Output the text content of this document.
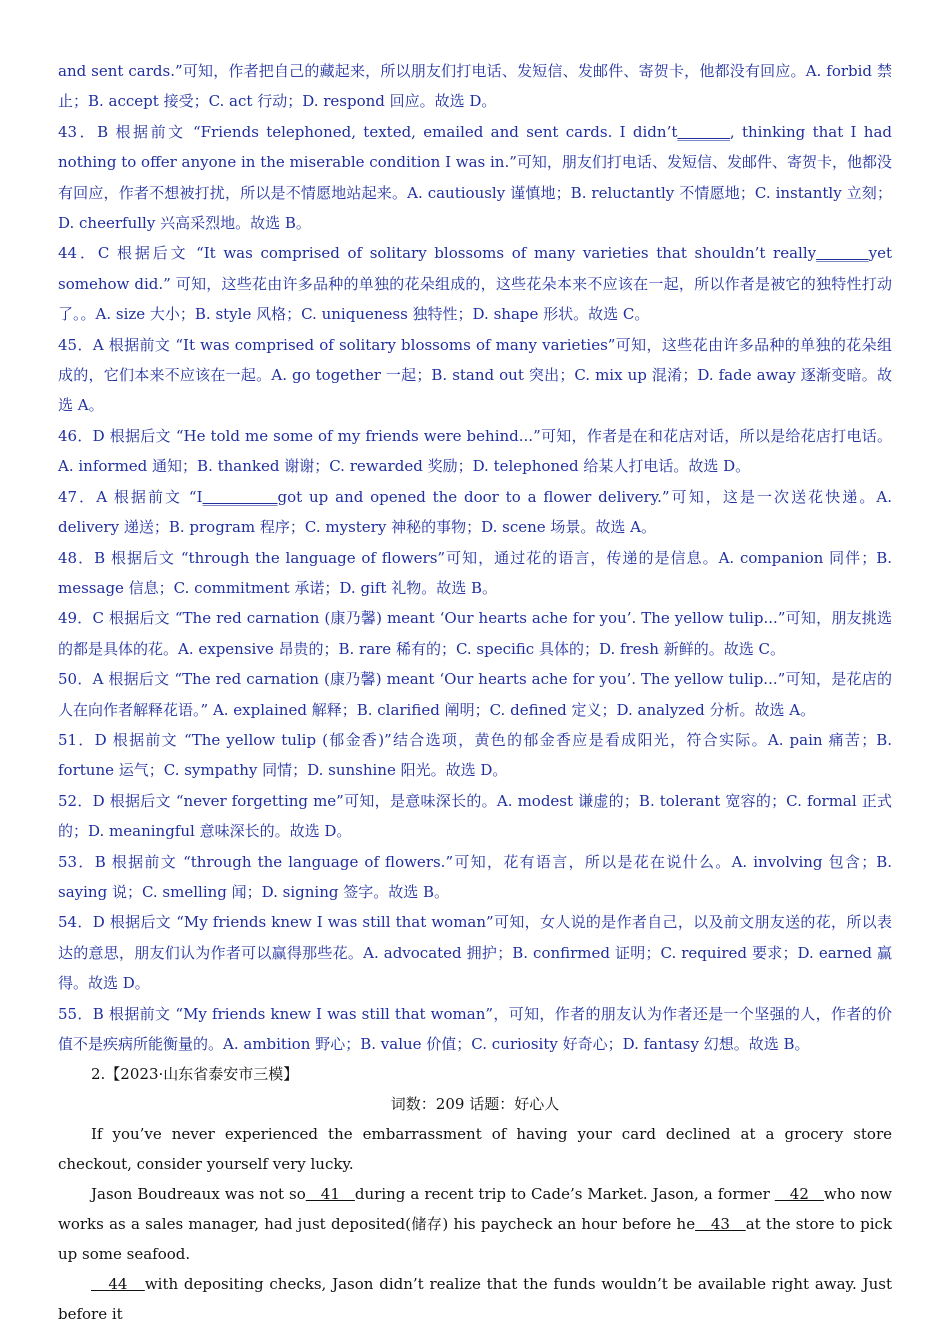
and sent cards.”可知，作者把自己的藏起来，所以朋友们打电话、发短信、发邮件、寄贺卡，他都没有回应。A. forbid 禁止；B. accept 接受；C. act 行动；D. respond 回应。故选 D。

43．B 根据前文 “Friends telephoned, texted, emailed and sent cards. I didn’t_______, thinking that I had nothing to offer anyone in the miserable condition I was in.”可知，朋友们打电话、发短信、发邮件、寄贺卡，他都没有回应，作者不想被打扰，所以是不情愿地站起来。A. cautiously 谨慎地；B. reluctantly 不情愿地；C. instantly 立刻；D. cheerfully 兴高采烈地。故选 B。

44．C 根据后文 “It was comprised of solitary blossoms of many varieties that shouldn’t really_______yet somehow did.” 可知，这些花由许多品种的单独的花朵组成的，这些花朵本来不应该在一起，所以作者是被它的独特性打动了。。A. size 大小；B. style 风格；C. uniqueness 独特性；D. shape 形状。故选 C。

45．A 根据前文 “It was comprised of solitary blossoms of many varieties”可知，这些花由许多品种的单独的花朵组成的，它们本来不应该在一起。A. go together 一起；B. stand out 突出；C. mix up 混淆；D. fade away 逐渐变暗。故选 A。

46．D 根据后文 “He told me some of my friends were behind...”可知，作者是在和花店对话，所以是给花店打电话。A. informed 通知；B. thanked 谢谢；C. rewarded 奖励；D. telephoned 给某人打电话。故选 D。

47．A 根据前文 “I__________got up and opened the door to a flower delivery.”可知，这是一次送花快递。A. delivery 递送；B. program 程序；C. mystery 神秘的事物；D. scene 场景。故选 A。

48．B 根据后文 “through the language of flowers”可知，通过花的语言，传递的是信息。A. companion 同伴；B. message 信息；C. commitment 承诺；D. gift 礼物。故选 B。

49．C 根据后文 “The red carnation (康乃馨) meant ‘Our hearts ache for you’. The yellow tulip...”可知，朋友挑选的都是具体的花。A. expensive 昂贵的；B. rare 稀有的；C. specific 具体的；D. fresh 新鲜的。故选 C。

50．A 根据后文 “The red carnation (康乃馨) meant ‘Our hearts ache for you’. The yellow tulip...”可知，是花店的人在向作者解释花语。” A. explained 解释；B. clarified 阐明；C. defined 定义；D. analyzed 分析。故选 A。

51．D 根据前文 “The yellow tulip (郁金香)”结合选项，黄色的郁金香应是看成阳光，符合实际。A. pain 痛苦；B. fortune 运气；C. sympathy 同情；D. sunshine 阳光。故选 D。

52．D 根据后文 “never forgetting me”可知，是意味深长的。A. modest 谦虚的；B. tolerant 宽容的；C. formal 正式的；D. meaningful 意味深长的。故选 D。

53．B 根据前文 “through the language of flowers.”可知，花有语言，所以是花在说什么。A. involving 包含；B. saying 说；C. smelling 闻；D. signing 签字。故选 B。

54．D 根据后文 “My friends knew I was still that woman”可知，女人说的是作者自己，以及前文朋友送的花，所以表达的意思，朋友们认为作者可以赢得那些花。A. advocated 拥护；B. confirmed 证明；C. required 要求；D. earned 赢得。故选 D。

55．B 根据前文 “My friends knew I was still that woman”，可知，作者的朋友认为作者还是一个坚强的人，作者的价值不是疾病所能衡量的。A. ambition 野心；B. value 价值；C. curiosity 好奇心；D. fantasy 幻想。故选 B。

2.【2023·山东省泰安市三模】

词数：209 话题：好心人

If you’ve never experienced the embarrassment of having your card declined at a grocery store checkout, consider yourself very lucky.

Jason Boudreaux was not so   41   during a recent trip to Cade’s Market. Jason, a former    42   who now works as a sales manager, had just deposited(储存) his paycheck an hour before he   43   at the store to pick up some seafood.

44   with depositing checks, Jason didn’t realize that the funds wouldn’t be available right away. Just before it
